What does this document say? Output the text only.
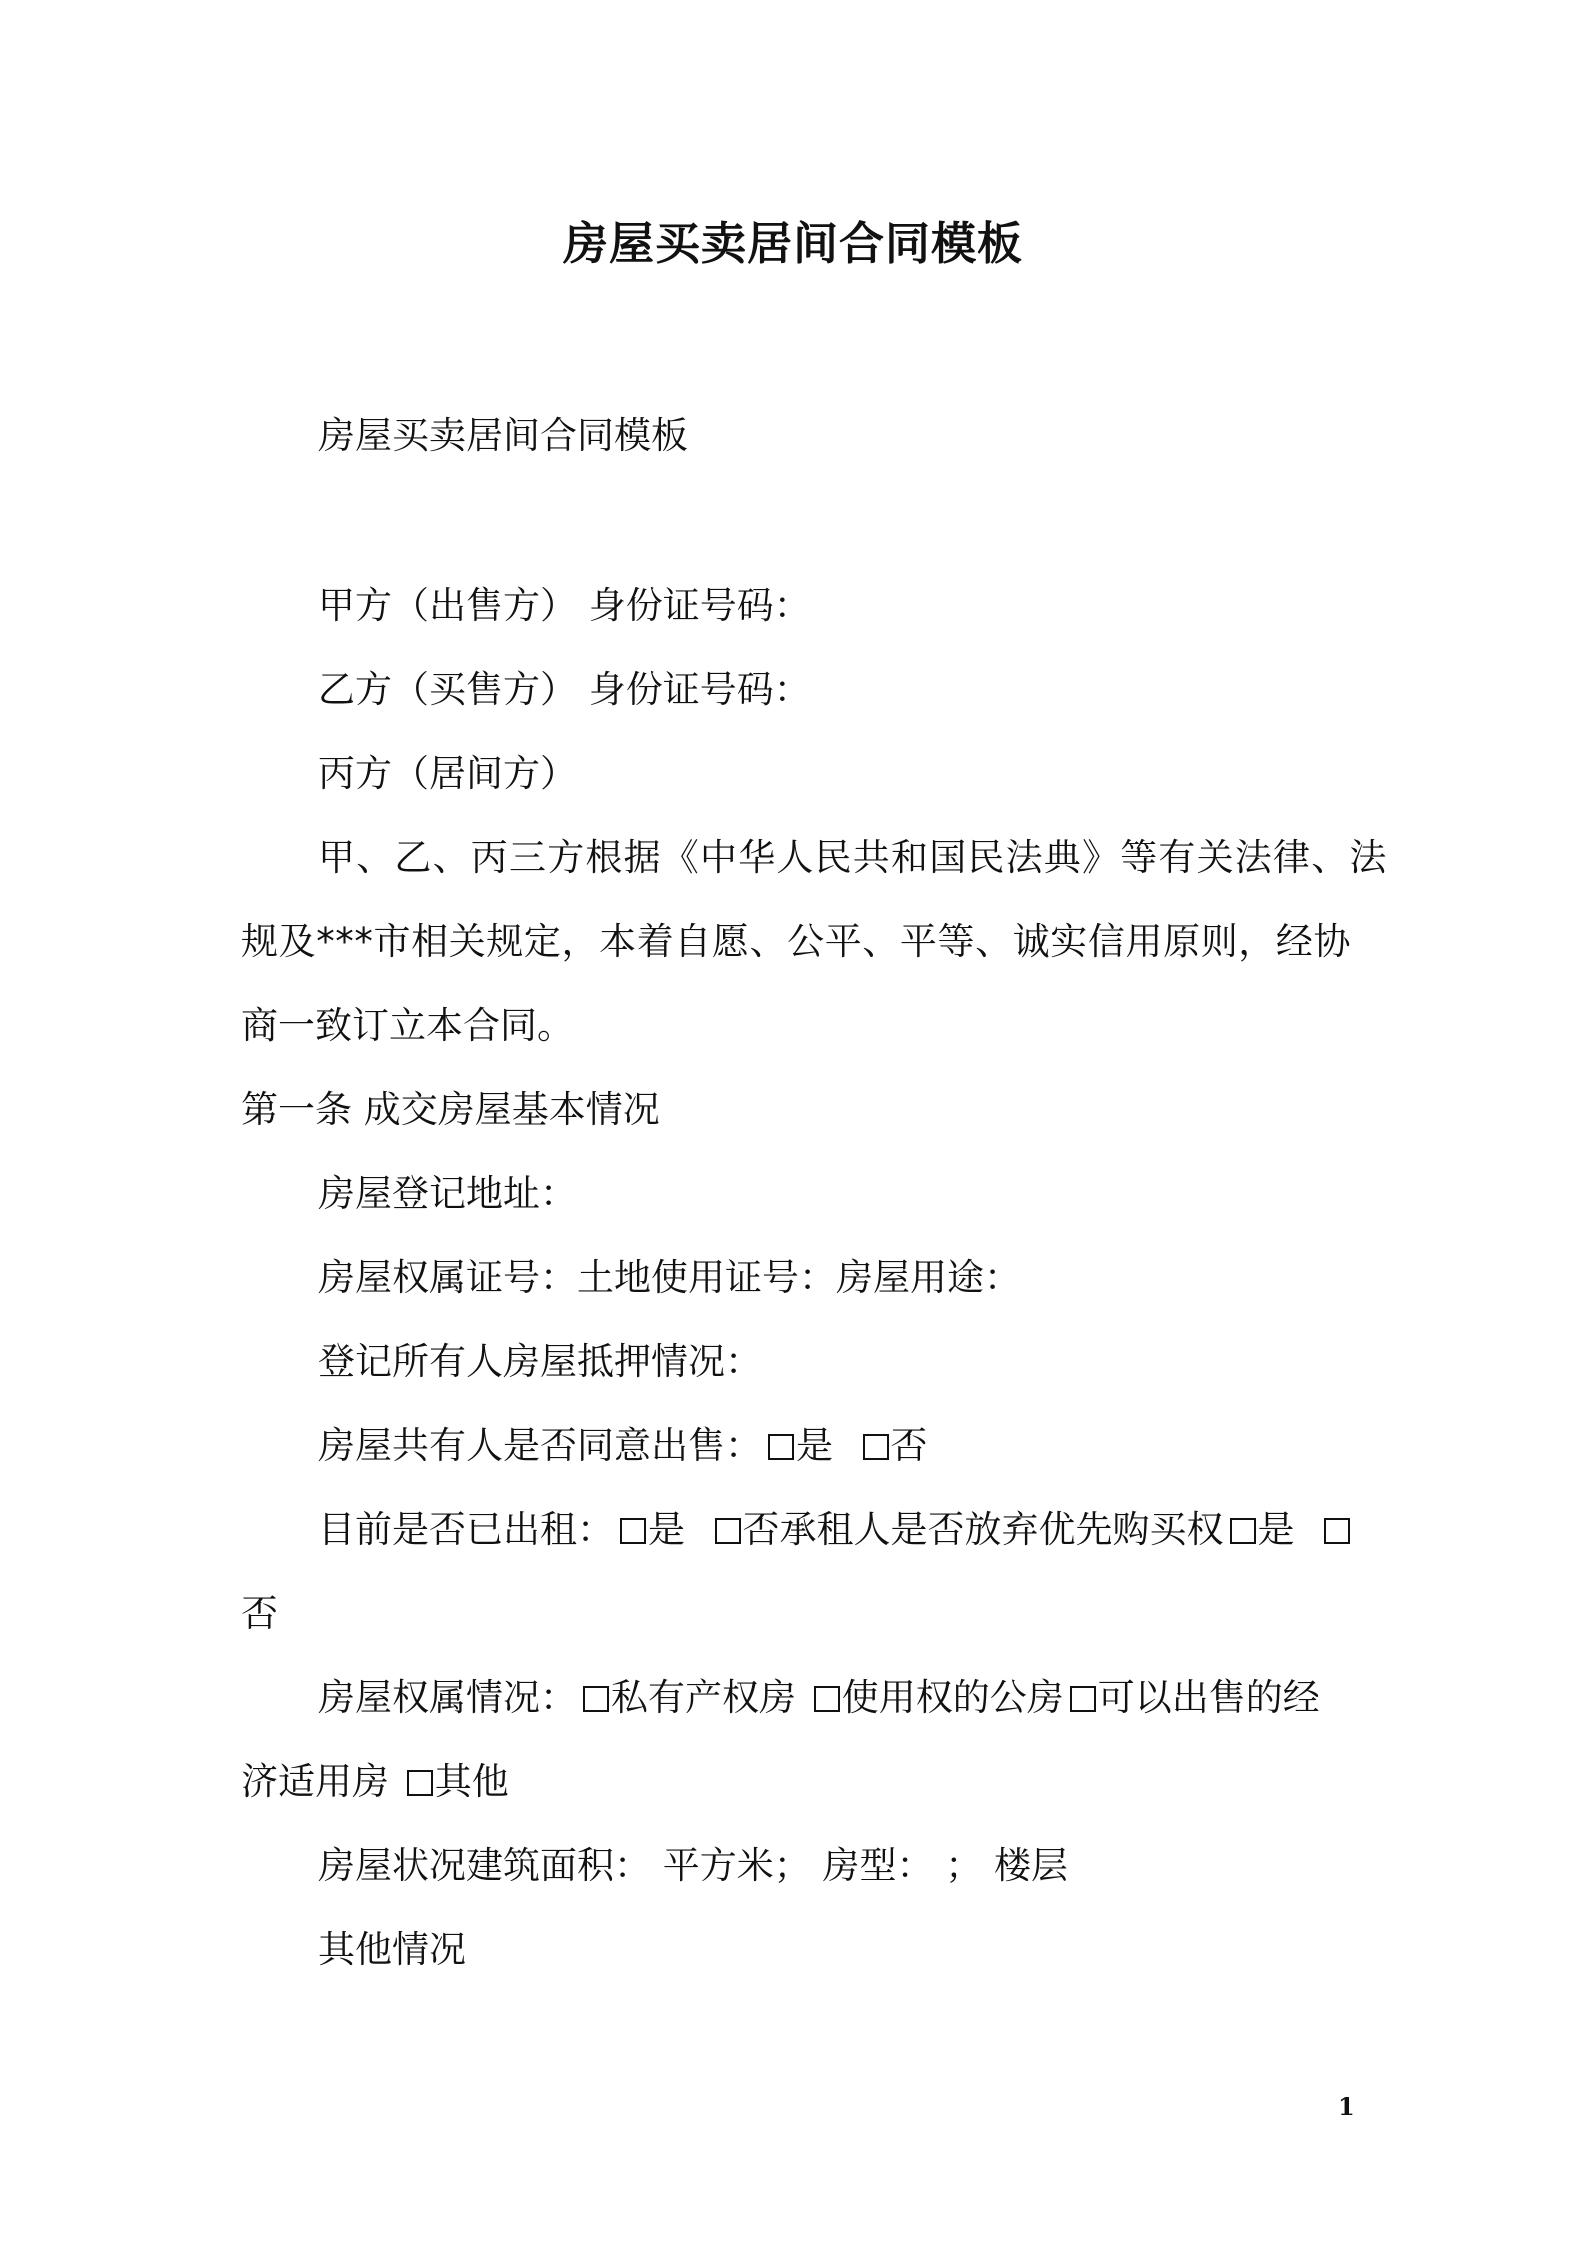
房屋买卖居间合同模板
房屋买卖居间合同模板
甲方（出售方） 身份证号码：
乙方（买售方） 身份证号码：
丙方（居间方）
甲、乙、丙三方根据《中华人民共和国民法典》等有关法律、法
规及***市相关规定，本着自愿、公平、平等、诚实信用原则，经协
商一致订立本合同。
第一条 成交房屋基本情况
房屋登记地址：
房屋权属证号：土地使用证号：房屋用途：
登记所有人房屋抵押情况：
房屋共有人是否同意出售： 是 否
目前是否已出租： 是 否承租人是否放弃优先购买权 是
否
房屋权属情况： 私有产权房 使用权的公房 可以出售的经
济适用房 其他
房屋状况建筑面积： 平方米； 房型： ； 楼层
其他情况
1
